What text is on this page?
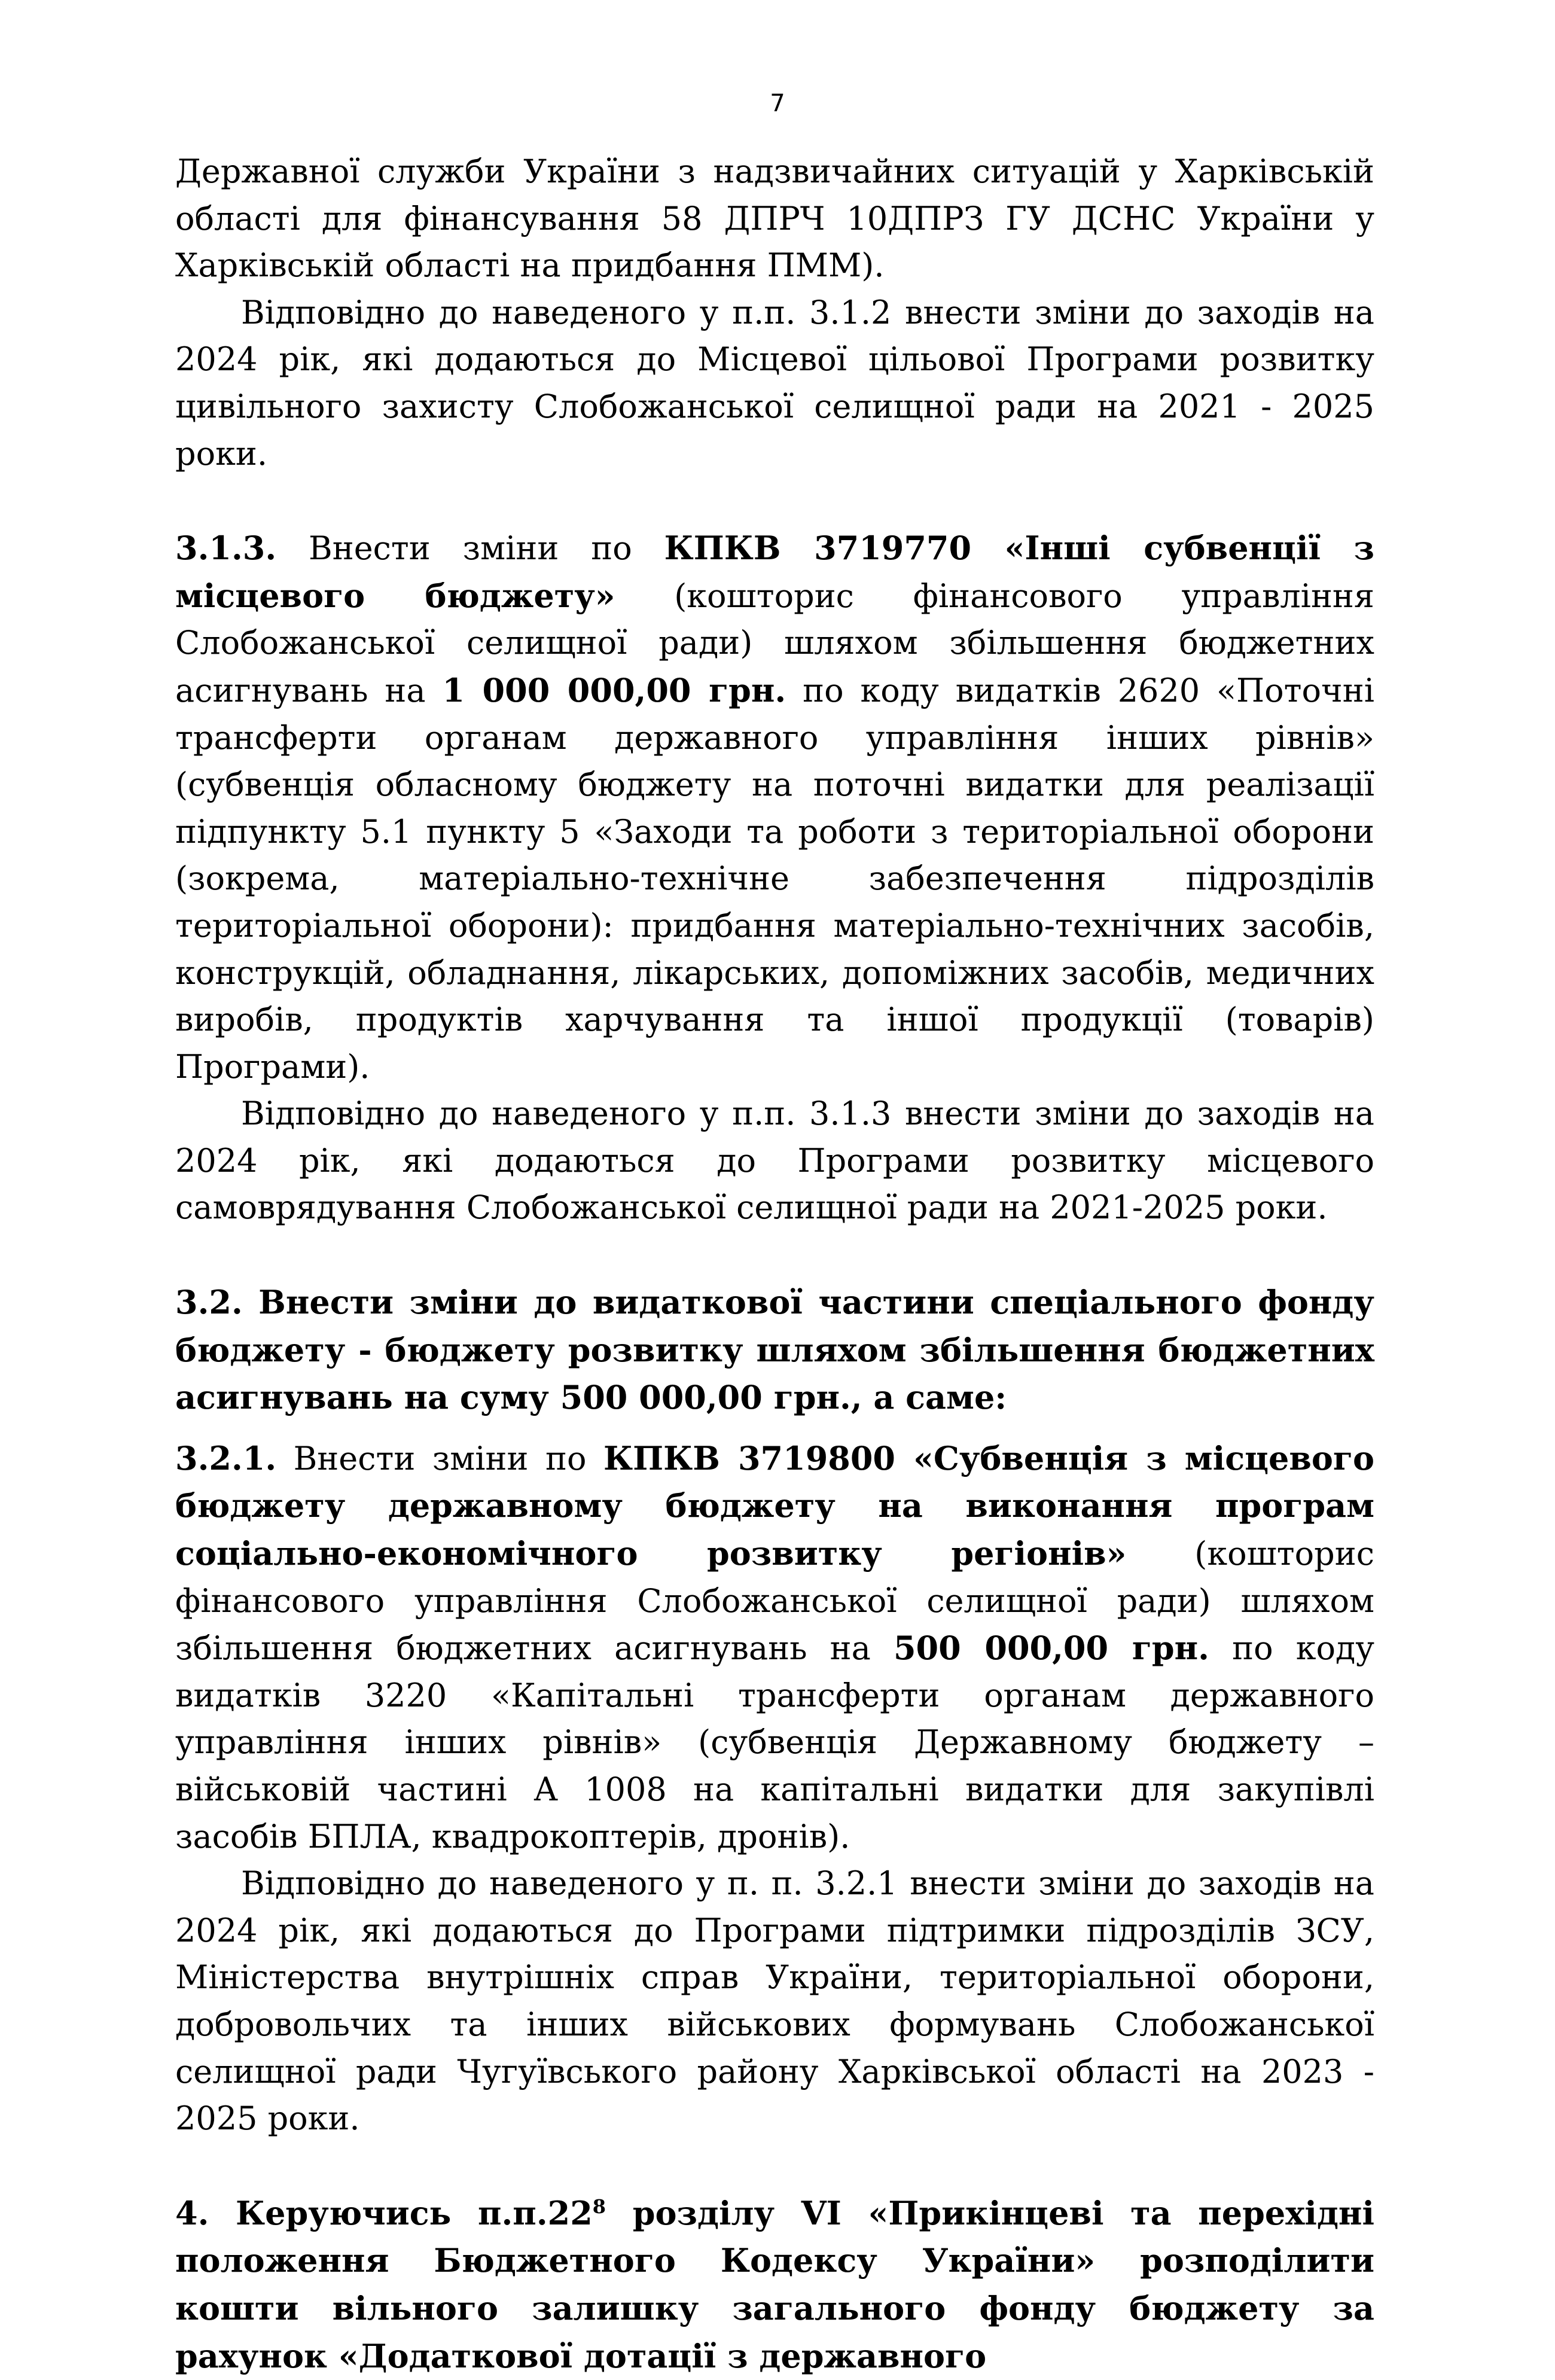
7

Державної служби України з надзвичайних ситуацій у Харківській області для фінансування 58 ДПРЧ 10ДПРЗ ГУ ДСНС України у Харківській області на придбання ПММ).

Відповідно до наведеного у п.п. 3.1.2 внести зміни до заходів на 2024 рік, які додаються до Місцевої цільової Програми розвитку цивільного захисту Слобожанської селищної ради на 2021 - 2025 роки.

3.1.3. Внести зміни по КПКВ 3719770 «Інші субвенції з місцевого бюджету» (кошторис фінансового управління Слобожанської селищної ради) шляхом збільшення бюджетних асигнувань на 1 000 000,00 грн. по коду видатків 2620 «Поточні трансферти органам державного управління інших рівнів» (субвенція обласному бюджету на поточні видатки для реалізації підпункту 5.1 пункту 5 «Заходи та роботи з територіальної оборони (зокрема, матеріально-технічне забезпечення підрозділів територіальної оборони): придбання матеріально-технічних засобів, конструкцій, обладнання, лікарських, допоміжних засобів, медичних виробів, продуктів харчування та іншої продукції (товарів) Програми).

Відповідно до наведеного у п.п. 3.1.3 внести зміни до заходів на 2024 рік, які додаються до Програми розвитку місцевого самоврядування Слобожанської селищної ради на 2021-2025 роки.

3.2. Внести зміни до видаткової частини спеціального фонду бюджету - бюджету розвитку шляхом збільшення бюджетних асигнувань на суму 500 000,00 грн., а саме:

3.2.1. Внести зміни по КПКВ 3719800 «Субвенція з місцевого бюджету державному бюджету на виконання програм соціально-економічного розвитку регіонів» (кошторис фінансового управління Слобожанської селищної ради) шляхом збільшення бюджетних асигнувань на 500 000,00 грн. по коду видатків 3220 «Капітальні трансферти органам державного управління інших рівнів» (субвенція Державному бюджету – військовій частині А 1008 на капітальні видатки для закупівлі засобів БПЛА, квадрокоптерів, дронів).

Відповідно до наведеного у п. п. 3.2.1 внести зміни до заходів на 2024 рік, які додаються до Програми підтримки підрозділів ЗСУ, Міністерства внутрішніх справ України, територіальної оборони, добровольчих та інших військових формувань Слобожанської селищної ради Чугуївського району Харківської області на 2023 - 2025 роки.

4. Керуючись $п.п.22^8$ розділу VI «Прикінцеві та перехідні положення Бюджетного Кодексу України» розподілити кошти вільного залишку загального фонду бюджету за рахунок «Додаткової дотації з державного
